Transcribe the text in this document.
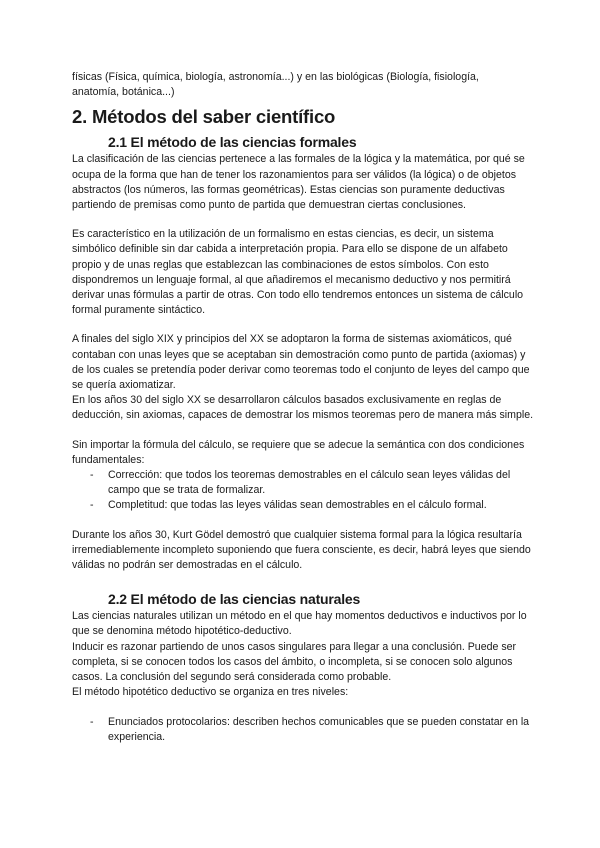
físicas (Física, química, biología, astronomía...) y en las biológicas (Biología, fisiología,
anatomía, botánica...)

2. Métodos del saber científico
2.1 El método de las ciencias formales

La clasificación de las ciencias pertenece a las formales de la lógica y la matemática, por qué se ocupa de la forma que han de tener los razonamientos para ser válidos (la lógica) o de objetos abstractos (los números, las formas geométricas). Estas ciencias son puramente deductivas partiendo de premisas como punto de partida que demuestran ciertas conclusiones.

Es característico en la utilización de un formalismo en estas ciencias, es decir, un sistema simbólico definible sin dar cabida a interpretación propia. Para ello se dispone de un alfabeto propio y de unas reglas que establezcan las combinaciones de estos símbolos. Con esto dispondremos un lenguaje formal, al que añadiremos el mecanismo deductivo y nos permitirá derivar unas fórmulas a partir de otras. Con todo ello tendremos entonces un sistema de cálculo formal puramente sintáctico.

A finales del siglo XIX y principios del XX se adoptaron la forma de sistemas axiomáticos, qué contaban con unas leyes que se aceptaban sin demostración como punto de partida (axiomas) y de los cuales se pretendía poder derivar como teoremas todo el conjunto de leyes del campo que se quería axiomatizar.

En los años 30 del siglo XX se desarrollaron cálculos basados exclusivamente en reglas de deducción, sin axiomas, capaces de demostrar los mismos teoremas pero de manera más simple.

Sin importar la fórmula del cálculo, se requiere que se adecue la semántica con dos condiciones fundamentales:

- Corrección: que todos los teoremas demostrables en el cálculo sean leyes válidas del campo que se trata de formalizar.
- Completitud: que todas las leyes válidas sean demostrables en el cálculo formal.

Durante los años 30, Kurt Gödel demostró que cualquier sistema formal para la lógica resultaría irremediablemente incompleto suponiendo que fuera consciente, es decir, habrá leyes que siendo válidas no podrán ser demostradas en el cálculo.

2.2 El método de las ciencias naturales

Las ciencias naturales utilizan un método en el que hay momentos deductivos e inductivos por lo que se denomina método hipotético-deductivo.

Inducir es razonar partiendo de unos casos singulares para llegar a una conclusión. Puede ser completa, si se conocen todos los casos del ámbito, o incompleta, si se conocen solo algunos casos. La conclusión del segundo será considerada como probable.

El método hipotético deductivo se organiza en tres niveles:

- Enunciados protocolarios: describen hechos comunicables que se pueden constatar en la experiencia.
